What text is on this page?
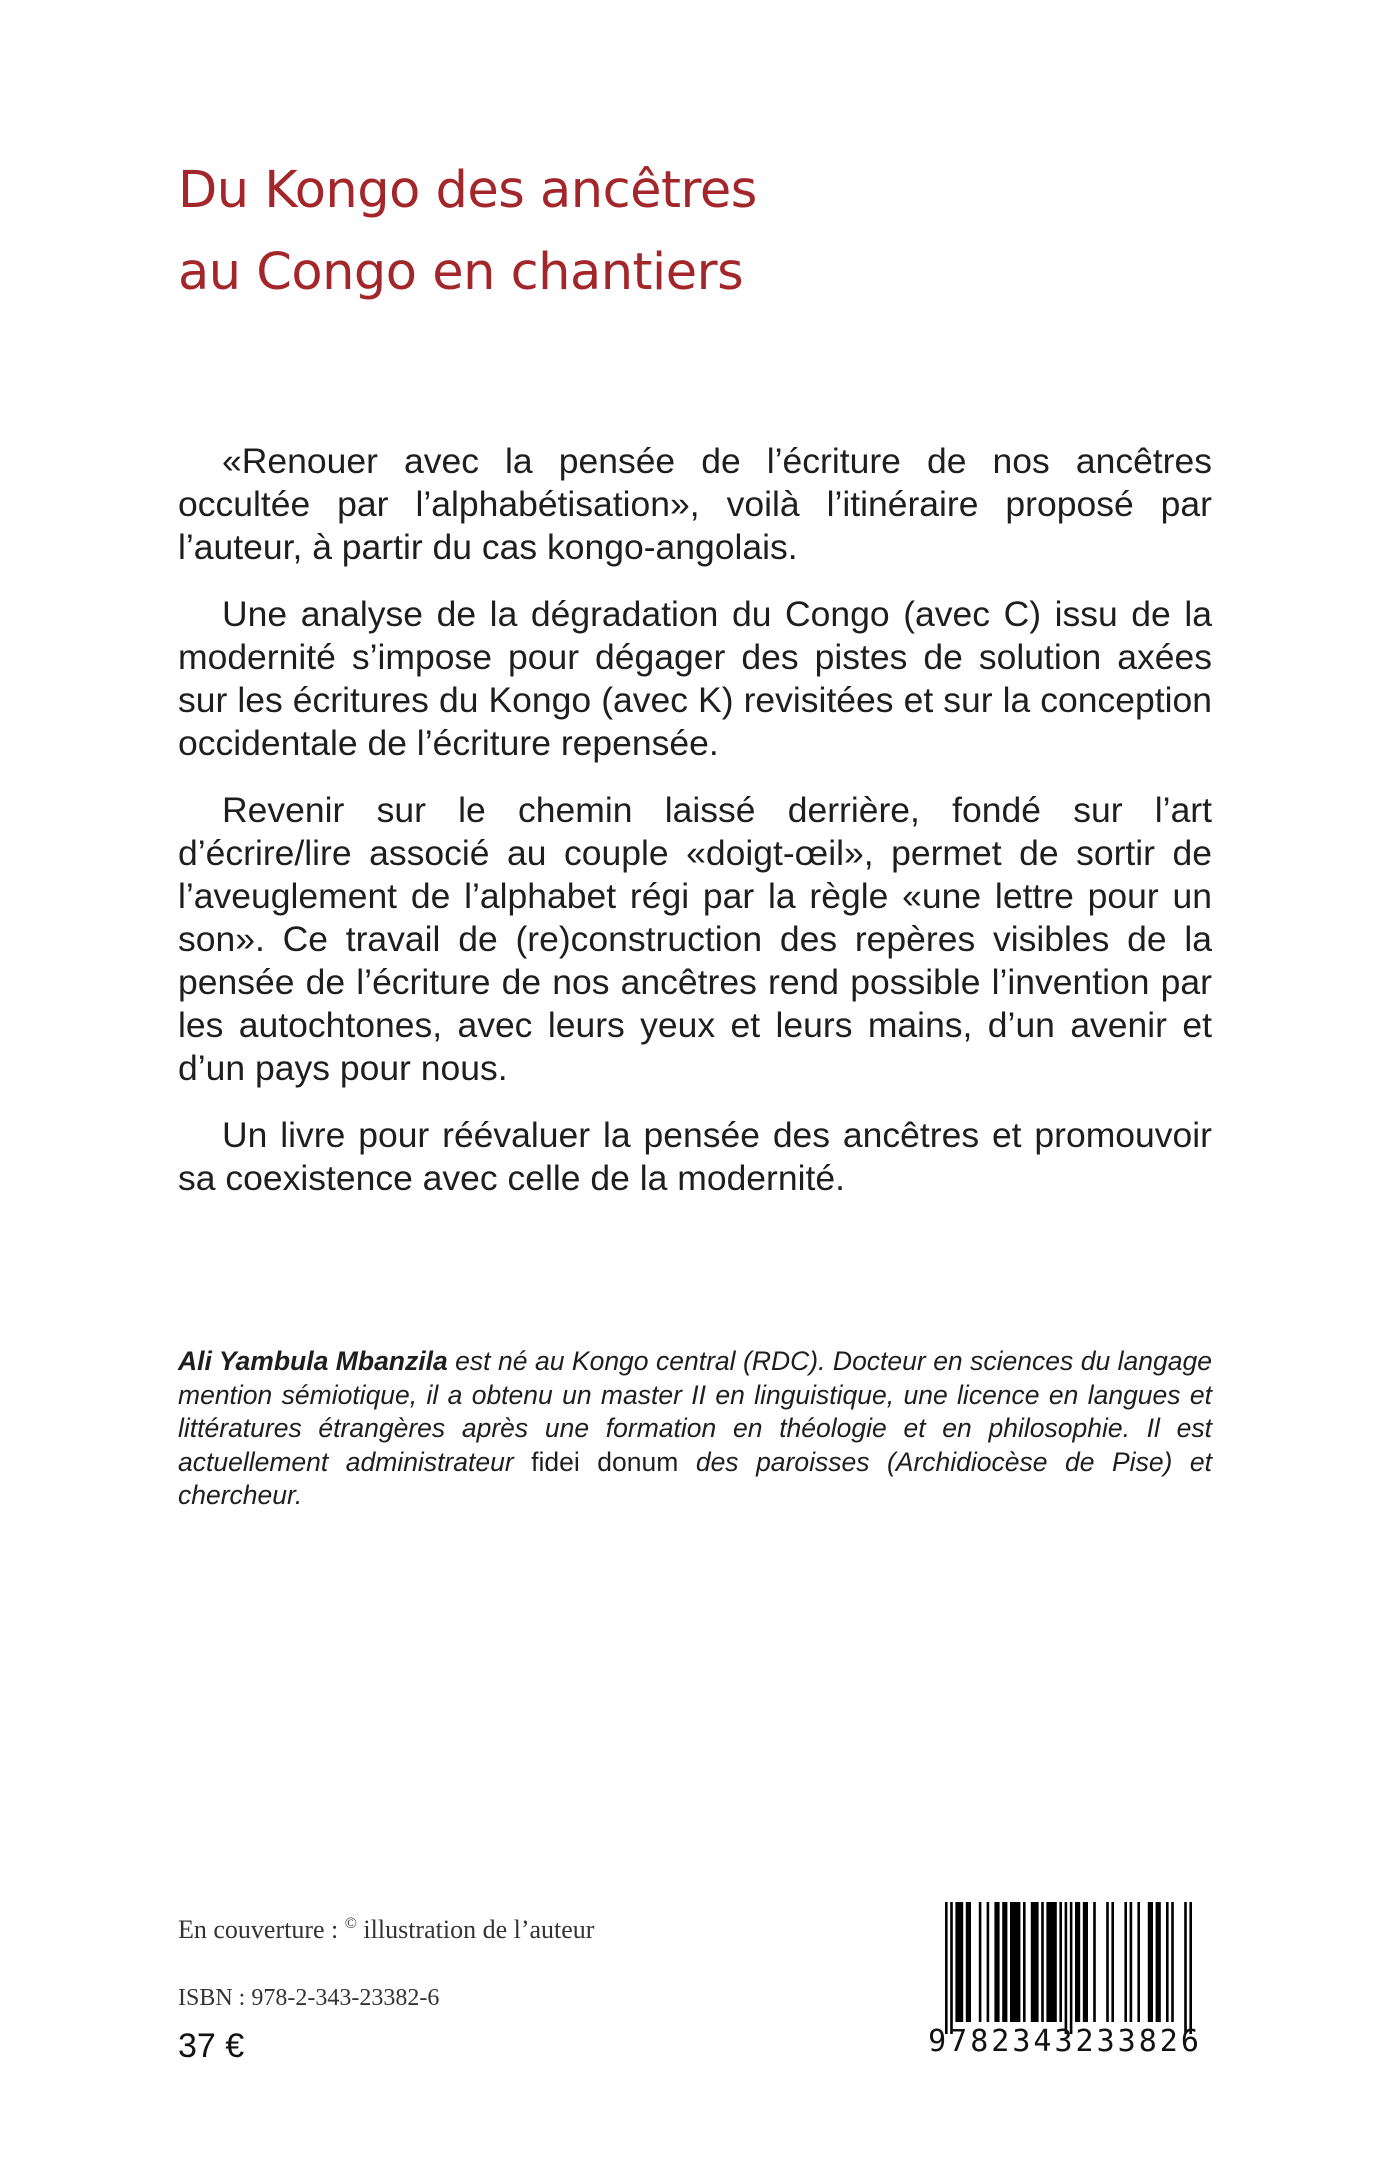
Du Kongo des ancêtres
au Congo en chantiers

«Renouer avec la pensée de l’écriture de nos ancêtres occultée par l’alphabétisation», voilà l’itinéraire proposé par l’auteur, à partir du cas kongo-angolais.

Une analyse de la dégradation du Congo (avec C) issu de la modernité s’impose pour dégager des pistes de solution axées sur les écritures du Kongo (avec K) revisitées et sur la conception occidentale de l’écriture repensée.

Revenir sur le chemin laissé derrière, fondé sur l’art d’écrire/lire associé au couple «doigt-œil», permet de sortir de l’aveuglement de l’alphabet régi par la règle «une lettre pour un son». Ce travail de (re)construction des repères visibles de la pensée de l’écriture de nos ancêtres rend possible l’invention par les autochtones, avec leurs yeux et leurs mains, d’un avenir et d’un pays pour nous.

Un livre pour réévaluer la pensée des ancêtres et promouvoir sa coexistence avec celle de la modernité.

Ali Yambula Mbanzila est né au Kongo central (RDC). Docteur en sciences du langage mention sémiotique, il a obtenu un master II en linguistique, une licence en langues et littératures étrangères après une formation en théologie et en philosophie. Il est actuellement administrateur fidei donum des paroisses (Archidiocèse de Pise) et chercheur.
En couverture : © illustration de l’auteur
ISBN : 978-2-343-23382-6
37 €	9782343233826
